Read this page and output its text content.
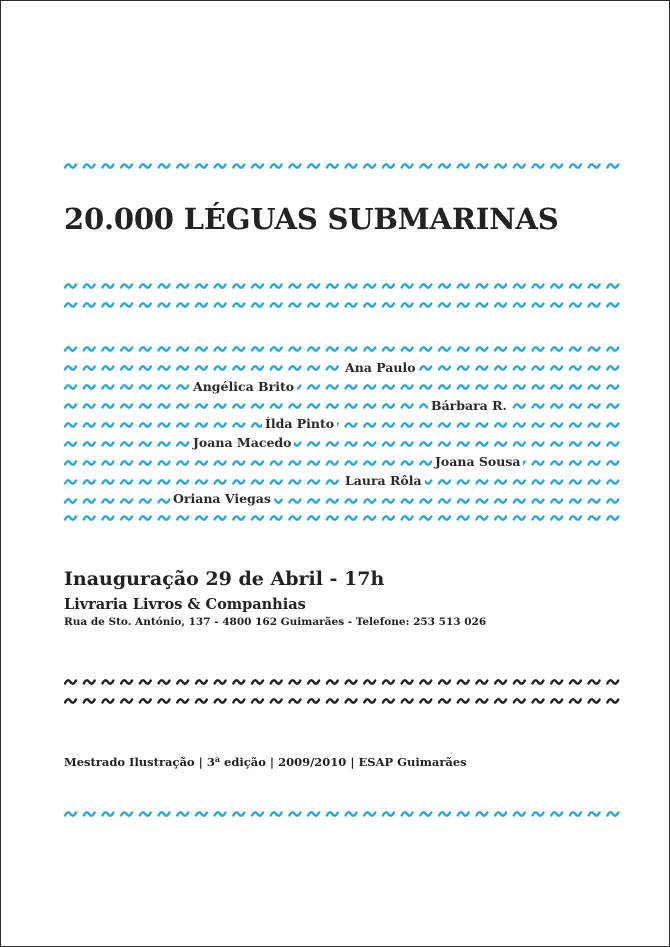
20.000 LÉGUAS SUBMARINAS
Ana Paulo
Angélica Brito
Bárbara R.
Ílda Pinto
Joana Macedo
Joana Sousa
Laura Rôla
Oriana Viegas
Inauguração 29 de Abril - 17h
Livraria Livros & Companhias
Rua de Sto. António, 137 - 4800 162 Guimarães - Telefone: 253 513 026
Mestrado Ilustração | 3$^a$ edição | 2009/2010 | ESAP Guimarães
